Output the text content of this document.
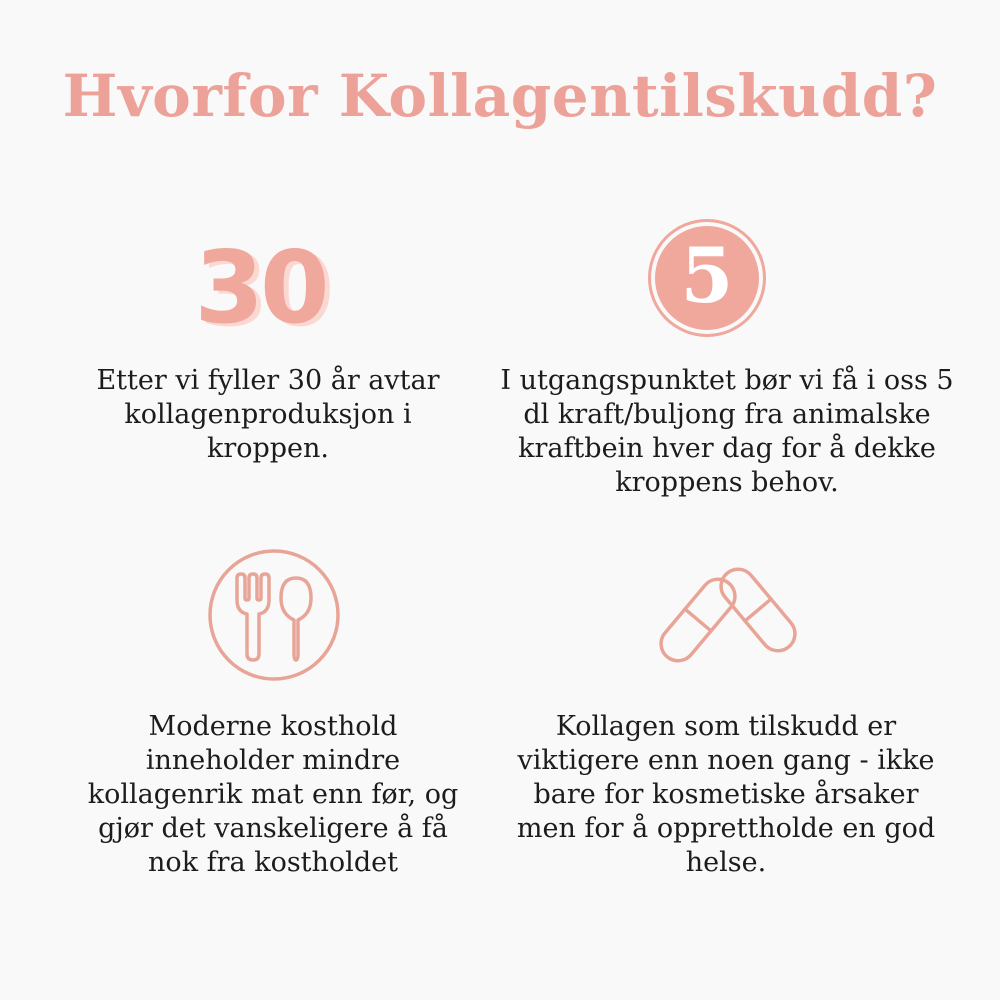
Hvorfor Kollagentilskudd?
30
Etter vi fyller 30 år avtar kollagenproduksjon i kroppen.
5
I utgangspunktet bør vi få i oss 5 dl kraft/buljong fra animalske kraftbein hver dag for å dekke kroppens behov.
Moderne kosthold inneholder mindre kollagenrik mat enn før, og gjør det vanskeligere å få nok fra kostholdet
Kollagen som tilskudd er viktigere enn noen gang - ikke bare for kosmetiske årsaker men for å opprettholde en god helse.
